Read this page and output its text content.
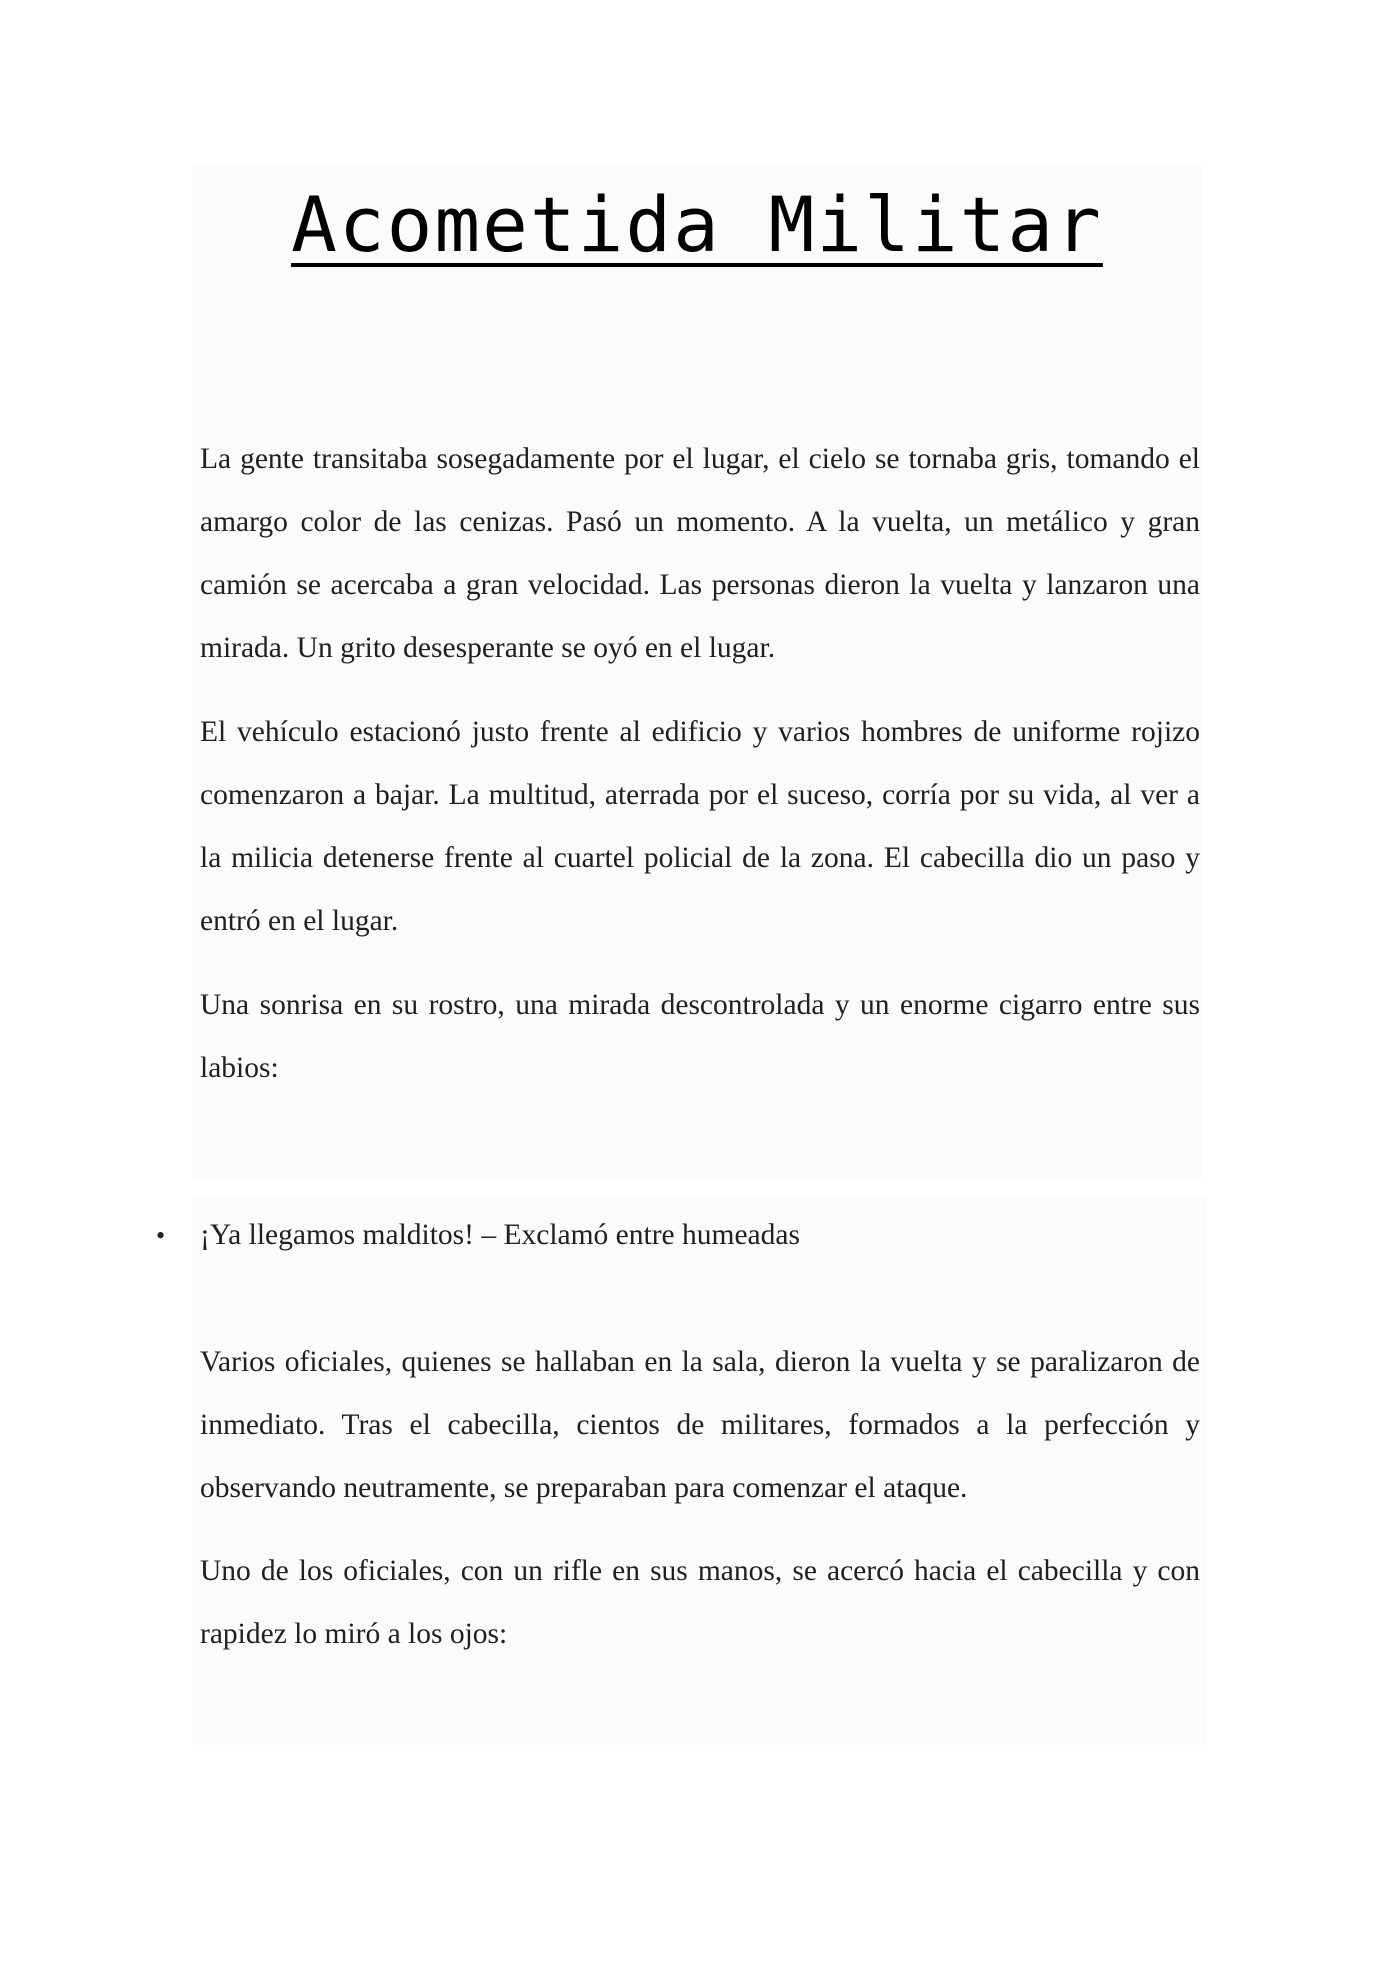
Acometida Militar

La gente transitaba sosegadamente por el lugar, el cielo se tornaba gris, tomando el amargo color de las cenizas. Pasó un momento. A la vuelta, un metálico y gran camión se acercaba a gran velocidad. Las personas dieron la vuelta y lanzaron una mirada. Un grito desesperante se oyó en el lugar.

El vehículo estacionó justo frente al edificio y varios hombres de uniforme rojizo comenzaron a bajar. La multitud, aterrada por el suceso, corría por su vida, al ver a la milicia detenerse frente al cuartel policial de la zona. El cabecilla dio un paso y entró en el lugar.

Una sonrisa en su rostro, una mirada descontrolada y un enorme cigarro entre sus labios:

• ¡Ya llegamos malditos! – Exclamó entre humeadas

Varios oficiales, quienes se hallaban en la sala, dieron la vuelta y se paralizaron de inmediato. Tras el cabecilla, cientos de militares, formados a la perfección y observando neutramente, se preparaban para comenzar el ataque.

Uno de los oficiales, con un rifle en sus manos, se acercó hacia el cabecilla y con rapidez lo miró a los ojos:
